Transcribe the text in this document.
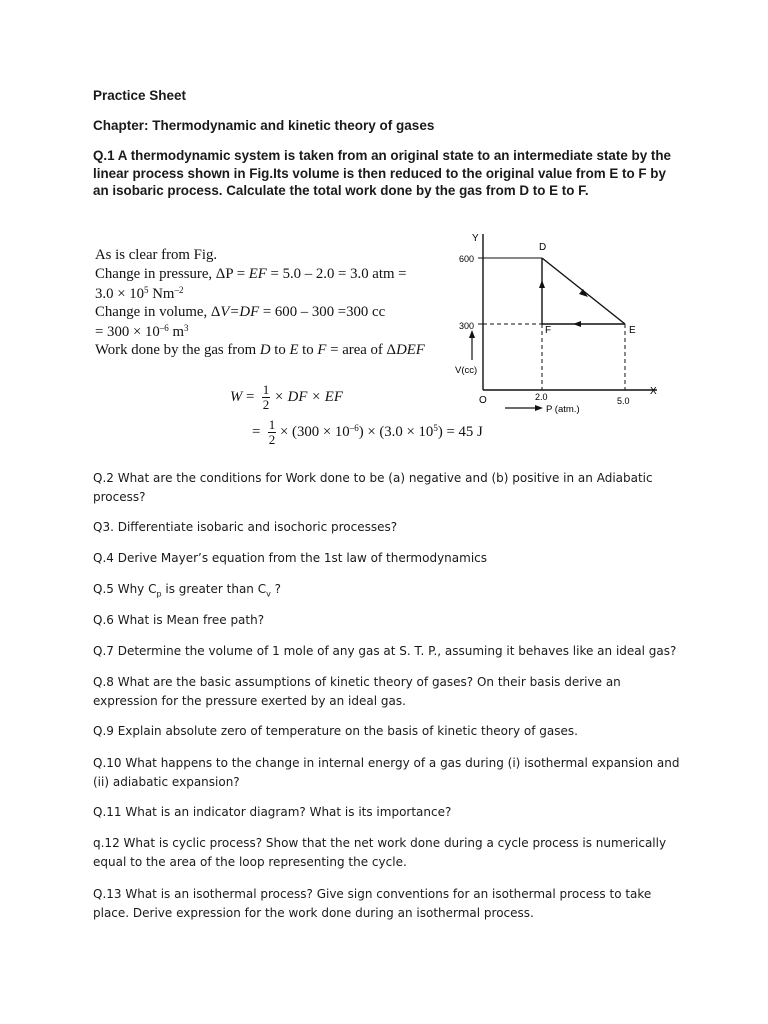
Practice Sheet
Chapter: Thermodynamic and kinetic theory of gases
Q.1 A thermodynamic system is taken from an original state to an intermediate state by the linear process shown in Fig.Its volume is then reduced to the original value from E to F by an isobaric process. Calculate the total work done by the gas from D to E to F.
As is clear from Fig.
Change in pressure, ΔP = EF = 5.0 – 2.0 = 3.0 atm =
$3.0 \times 10^5$ $Nm^{-2}$
Change in volume, ΔV=DF = 600 – 300 =300 cc
= $300 \times 10^{-6}$ $m^3$
Work done by the gas from D to E to F = area of ΔDEF
$W = \frac{1}{2}$ × DF × EF
= $\frac{1}{2} \times (300 \times 10^{-6}) \times (3.0 \times 10^5) = 45$ J
Q.2 What are the conditions for Work done to be (a) negative and (b) positive in an Adiabatic process?
Q3. Differentiate isobaric and isochoric processes?
Q.4 Derive Mayer’s equation from the 1st law of thermodynamics
Q.5 Why $C_p$ is greater than $C_v$ ?
Q.6 What is Mean free path?
Q.7 Determine the volume of 1 mole of any gas at S. T. P., assuming it behaves like an ideal gas?
Q.8 What are the basic assumptions of kinetic theory of gases? On their basis derive an expression for the pressure exerted by an ideal gas.
Q.9 Explain absolute zero of temperature on the basis of kinetic theory of gases.
Q.10 What happens to the change in internal energy of a gas during (i) isothermal expansion and (ii) adiabatic expansion?
Q.11 What is an indicator diagram? What is its importance?
q.12 What is cyclic process? Show that the net work done during a cycle process is numerically equal to the area of the loop representing the cycle.
Q.13 What is an isothermal process? Give sign conventions for an isothermal process to take place. Derive expression for the work done during an isothermal process.
Y
X
O
600
300
V(cc)
D
F	E
2.0	5.0
P (atm.)
